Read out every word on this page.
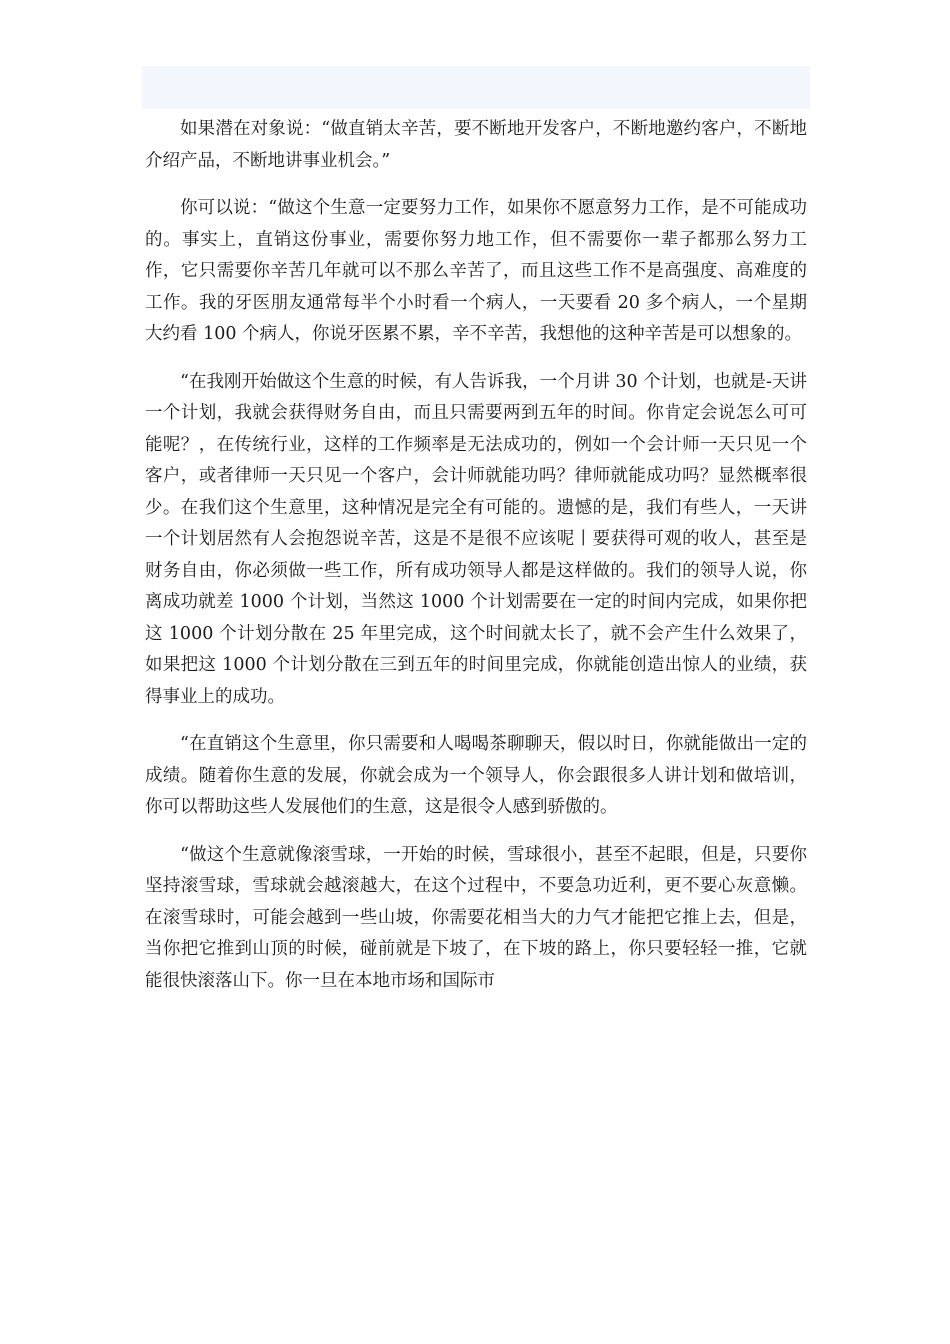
如果潜在对象说：“做直销太辛苦，要不断地开发客户，不断地邀约客户，不断地介绍产品，不断地讲事业机会。”

你可以说：“做这个生意一定要努力工作，如果你不愿意努力工作，是不可能成功的。事实上，直销这份事业，需要你努力地工作，但不需要你一辈子都那么努力工作，它只需要你辛苦几年就可以不那么辛苦了，而且这些工作不是高强度、高难度的工作。我的牙医朋友通常每半个小时看一个病人，一天要看 20 多个病人，一个星期大约看 100 个病人，你说牙医累不累，辛不辛苦，我想他的这种辛苦是可以想象的。

“在我刚开始做这个生意的时候，有人告诉我，一个月讲 30 个计划，也就是-天讲一个计划，我就会获得财务自由，而且只需要两到五年的时间。你肯定会说怎么可可能呢？，在传统行业，这样的工作频率是无法成功的，例如一个会计师一天只见一个客户，或者律师一天只见一个客户，会计师就能功吗？律师就能成功吗？显然概率很少。在我们这个生意里，这种情况是完全有可能的。遗憾的是，我们有些人，一天讲一个计划居然有人会抱怨说辛苦，这是不是很不应该呢丨要获得可观的收人，甚至是财务自由，你必须做一些工作，所有成功领导人都是这样做的。我们的领导人说，你离成功就差 1000 个计划，当然这 1000 个计划需要在一定的时间内完成，如果你把这 1000 个计划分散在 25 年里完成，这个时间就太长了，就不会产生什么效果了，如果把这 1000 个计划分散在三到五年的时间里完成，你就能创造出惊人的业绩，获得事业上的成功。

“在直销这个生意里，你只需要和人喝喝茶聊聊天，假以时日，你就能做出一定的成绩。随着你生意的发展，你就会成为一个领导人，你会跟很多人讲计划和做培训，你可以帮助这些人发展他们的生意，这是很令人感到骄傲的。

“做这个生意就像滚雪球，一开始的时候，雪球很小，甚至不起眼，但是，只要你坚持滚雪球，雪球就会越滚越大，在这个过程中，不要急功近利，更不要心灰意懒。在滚雪球时，可能会越到一些山坡，你需要花相当大的力气才能把它推上去，但是，当你把它推到山顶的时候，碰前就是下坡了，在下坡的路上，你只要轻轻一推，它就能很快滚落山下。你一旦在本地市场和国际市
